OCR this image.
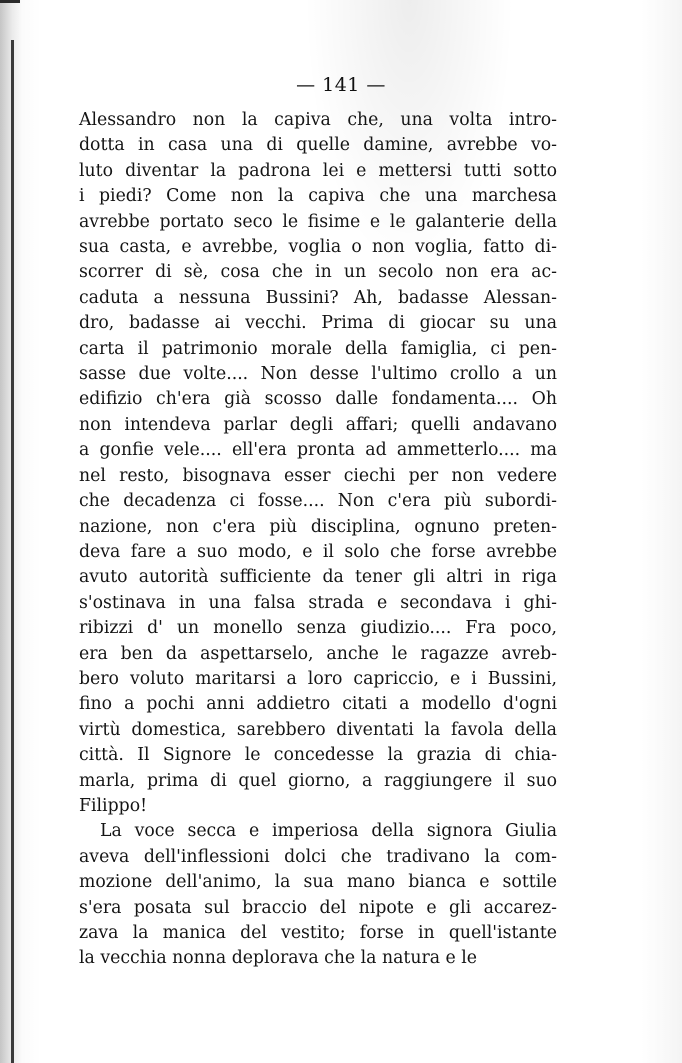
— 141 —
Alessandro non la capiva che, una volta intro-
dotta in casa una di quelle damine, avrebbe vo-
luto diventar la padrona lei e mettersi tutti sotto
i piedi? Come non la capiva che una marchesa
avrebbe portato seco le fisime e le galanterie della
sua casta, e avrebbe, voglia o non voglia, fatto di-
scorrer di sè, cosa che in un secolo non era ac-
caduta a nessuna Bussini? Ah, badasse Alessan-
dro, badasse ai vecchi. Prima di giocar su una
carta il patrimonio morale della famiglia, ci pen-
sasse due volte.... Non desse l'ultimo crollo a un
edifizio ch'era già scosso dalle fondamenta.... Oh
non intendeva parlar degli affari; quelli andavano
a gonfie vele.... ell'era pronta ad ammetterlo.... ma
nel resto, bisognava esser ciechi per non vedere
che decadenza ci fosse.... Non c'era più subordi-
nazione, non c'era più disciplina, ognuno preten-
deva fare a suo modo, e il solo che forse avrebbe
avuto autorità sufficiente da tener gli altri in riga
s'ostinava in una falsa strada e secondava i ghi-
ribizzi d' un monello senza giudizio.... Fra poco,
era ben da aspettarselo, anche le ragazze avreb-
bero voluto maritarsi a loro capriccio, e i Bussini,
fino a pochi anni addietro citati a modello d'ogni
virtù domestica, sarebbero diventati la favola della
città. Il Signore le concedesse la grazia di chia-
marla, prima di quel giorno, a raggiungere il suo
Filippo!
La voce secca e imperiosa della signora Giulia
aveva dell'inflessioni dolci che tradivano la com-
mozione dell'animo, la sua mano bianca e sottile
s'era posata sul braccio del nipote e gli accarez-
zava la manica del vestito; forse in quell'istante
la vecchia nonna deplorava che la natura e le
